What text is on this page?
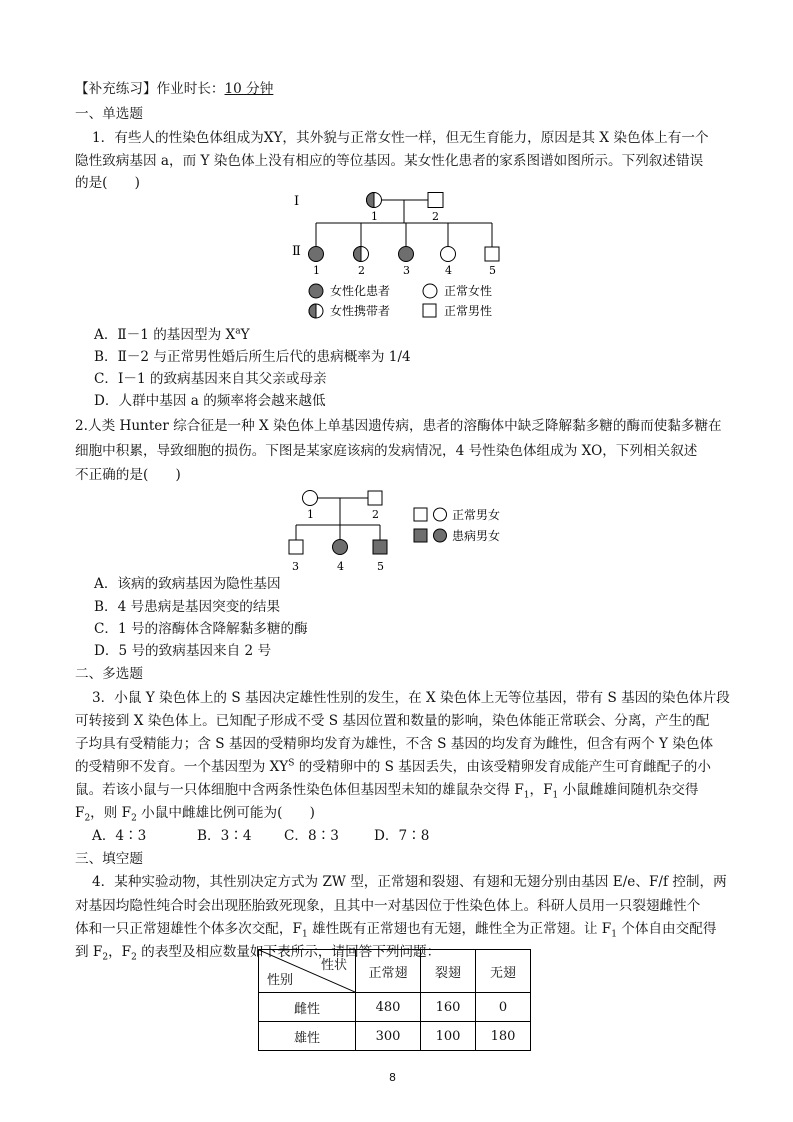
【补充练习】作业时长：10 分钟
一、单选题
1．有些人的性染色体组成为XY，其外貌与正常女性一样，但无生育能力，原因是其 X 染色体上有一个
隐性致病基因 a，而 Y 染色体上没有相应的等位基因。某女性化患者的家系图谱如图所示。下列叙述错误
的是(　　)
Ⅰ
Ⅱ
1	2
1	2	3	4	5
女性化患者	正常女性
女性携带者	正常男性
A．Ⅱ－1 的基因型为 $X^aY$
B．Ⅱ－2 与正常男性婚后所生后代的患病概率为 1/4
C．Ⅰ－1 的致病基因来自其父亲或母亲
D．人群中基因 a 的频率将会越来越低
2.人类 Hunter 综合征是一种 X 染色体上单基因遗传病，患者的溶酶体中缺乏降解黏多糖的酶而使黏多糖在
细胞中积累，导致细胞的损伤。下图是某家庭该病的发病情况，4 号性染色体组成为 XO，下列相关叙述
不正确的是(　　)
1	2
3	4	5
正常男女
患病男女
A．该病的致病基因为隐性基因
B．4 号患病是基因突变的结果
C．1 号的溶酶体含降解黏多糖的酶
D．5 号的致病基因来自 2 号
二、多选题
3．小鼠 Y 染色体上的 S 基因决定雄性性别的发生，在 X 染色体上无等位基因，带有 S 基因的染色体片段
可转接到 X 染色体上。已知配子形成不受 S 基因位置和数量的影响，染色体能正常联会、分离，产生的配
子均具有受精能力；含 S 基因的受精卵均发育为雄性，不含 S 基因的均发育为雌性，但含有两个 Y 染色体
的受精卵不发育。一个基因型为 $XY^S$ 的受精卵中的 S 基因丢失，由该受精卵发育成能产生可育雌配子的小
鼠。若该小鼠与一只体细胞中含两条性染色体但基因型未知的雄鼠杂交得 $F_1$，$F_1$ 小鼠雌雄间随机杂交得
$F_2$，则 $F_2$ 小鼠中雌雄比例可能为(　　)
A．4∶3	B．3∶4 C．8∶3	D．7∶8
三、填空题
4．某种实验动物，其性别决定方式为 ZW 型，正常翅和裂翅、有翅和无翅分别由基因 E/e、F/f 控制，两
对基因均隐性纯合时会出现胚胎致死现象，且其中一对基因位于性染色体上。科研人员用一只裂翅雌性个
体和一只正常翅雄性个体多次交配，$F_1$ 雄性既有正常翅也有无翅，雌性全为正常翅。让 $F_1$ 个体自由交配得
到 $F_2$，$F_2$ 的表型及相应数量如下表所示，请回答下列问题：
性状
性别	正常翅	裂翅	无翅
雌性	480	160	0
雄性	300	100	180
8
